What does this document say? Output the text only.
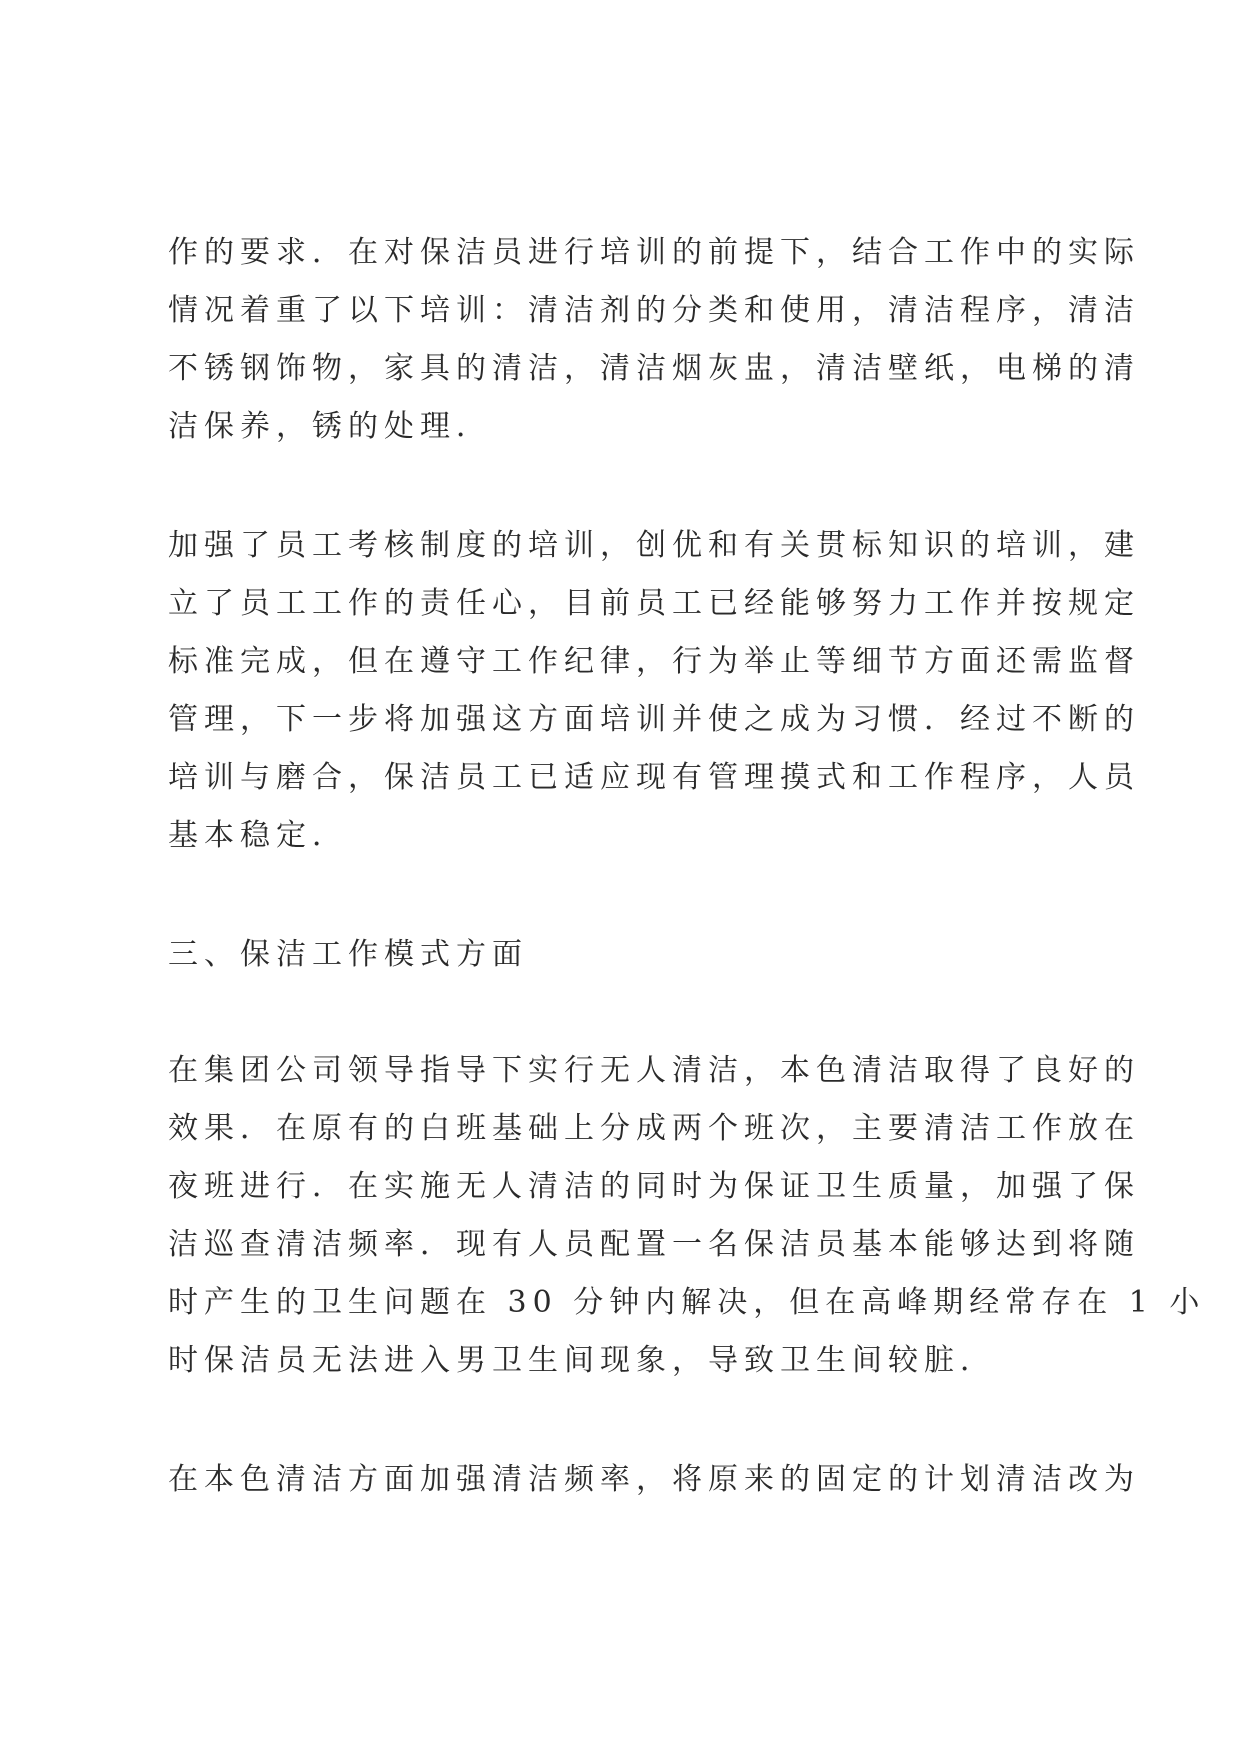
作的要求．在对保洁员进行培训的前提下，结合工作中的实际
情况着重了以下培训：清洁剂的分类和使用，清洁程序，清洁
不锈钢饰物，家具的清洁，清洁烟灰盅，清洁壁纸，电梯的清
洁保养，锈的处理．
加强了员工考核制度的培训，创优和有关贯标知识的培训，建
立了员工工作的责任心，目前员工已经能够努力工作并按规定
标准完成，但在遵守工作纪律，行为举止等细节方面还需监督
管理，下一步将加强这方面培训并使之成为习惯．经过不断的
培训与磨合，保洁员工已适应现有管理摸式和工作程序，人员
基本稳定．
三、保洁工作模式方面
在集团公司领导指导下实行无人清洁，本色清洁取得了良好的
效果．在原有的白班基础上分成两个班次，主要清洁工作放在
夜班进行．在实施无人清洁的同时为保证卫生质量，加强了保
洁巡查清洁频率．现有人员配置一名保洁员基本能够达到将随
时产生的卫生问题在 30 分钟内解决，但在高峰期经常存在 1 小
时保洁员无法进入男卫生间现象，导致卫生间较脏．
在本色清洁方面加强清洁频率，将原来的固定的计划清洁改为
